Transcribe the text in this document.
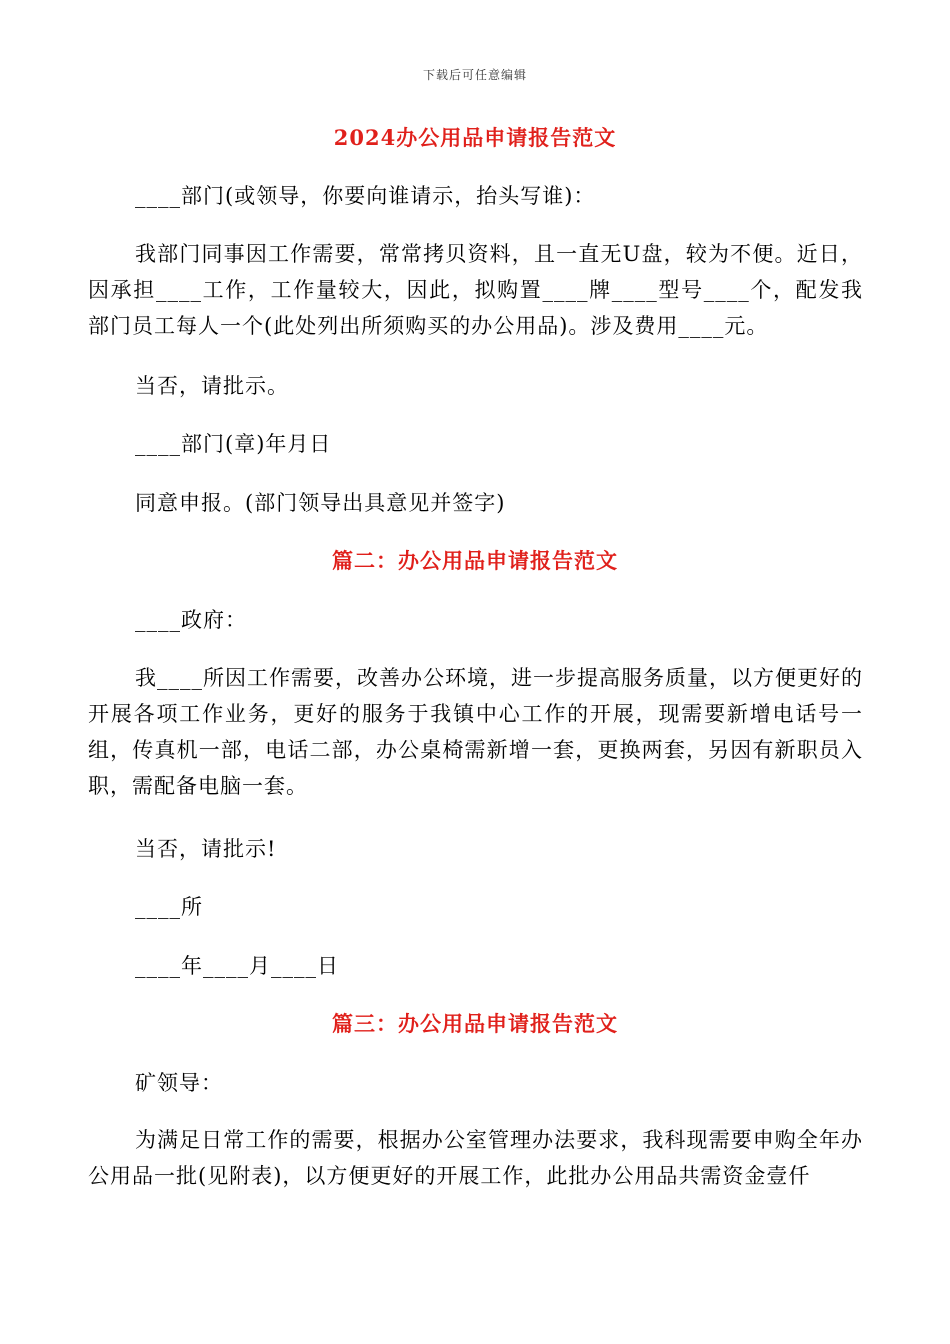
下载后可任意编辑
2024办公用品申请报告范文
____部门(或领导，你要向谁请示，抬头写谁)：

我部门同事因工作需要，常常拷贝资料，且一直无U盘，较为不便。近日，因承担____工作，工作量较大，因此，拟购置____牌____型号____个，配发我部门员工每人一个(此处列出所须购买的办公用品)。涉及费用____元。

当否，请批示。
____部门(章)年月日
同意申报。(部门领导出具意见并签字)
篇二：办公用品申请报告范文
____政府：

我____所因工作需要，改善办公环境，进一步提高服务质量，以方便更好的开展各项工作业务，更好的服务于我镇中心工作的开展，现需要新增电话号一组，传真机一部，电话二部，办公桌椅需新增一套，更换两套，另因有新职员入职，需配备电脑一套。

当否，请批示!
____所
____年____月____日
篇三：办公用品申请报告范文
矿领导：

为满足日常工作的需要，根据办公室管理办法要求，我科现需要申购全年办公用品一批(见附表)，以方便更好的开展工作，此批办公用品共需资金壹仟
